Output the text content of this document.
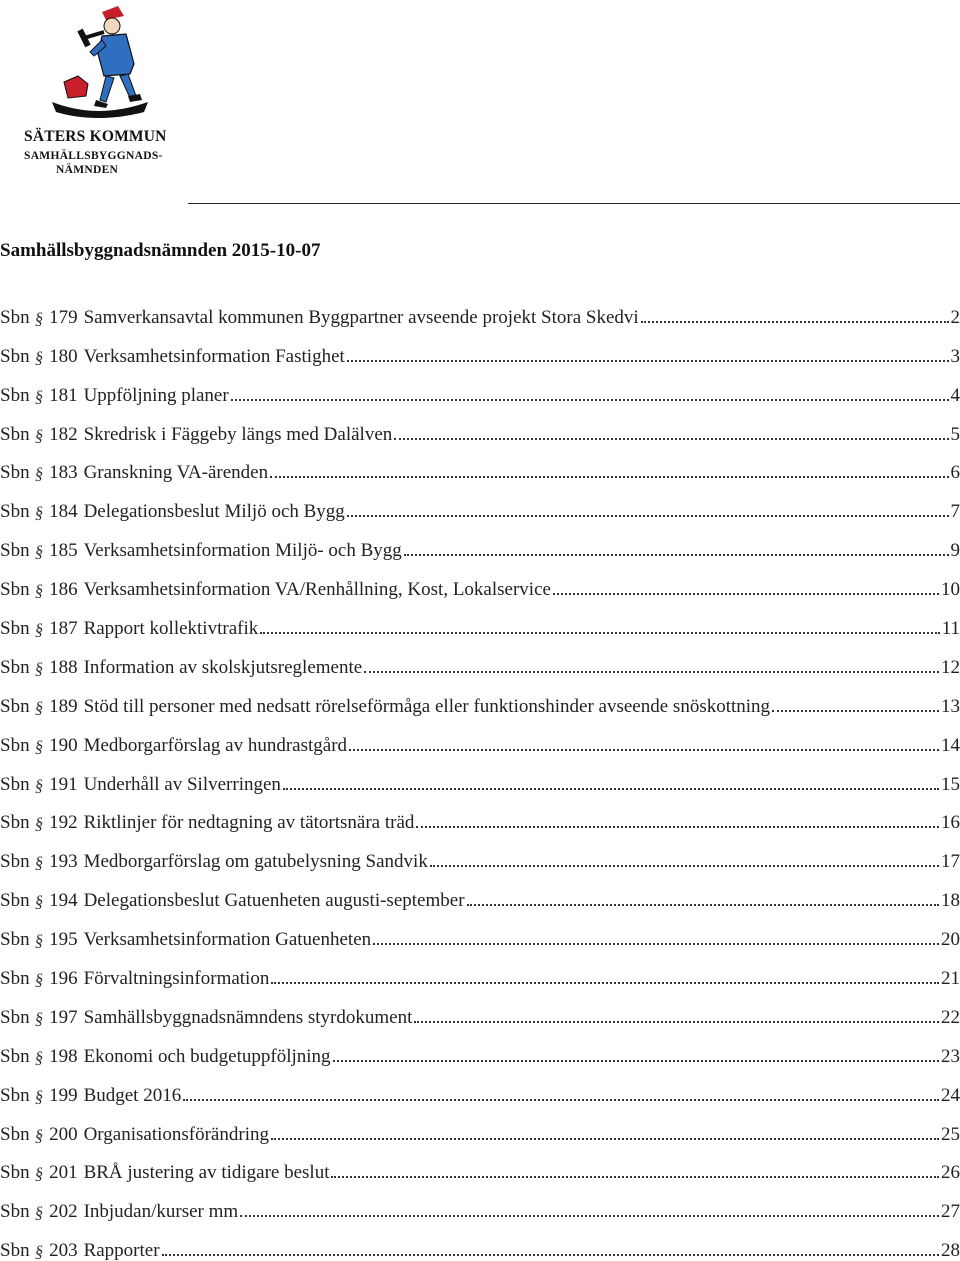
SÄTERS KOMMUN
SAMHÄLLSBYGGNADS-
NÄMNDEN
Samhällsbyggnadsnämnden 2015-10-07
Sbn § 179 Samverkansavtal kommunen Byggpartner avseende projekt Stora Skedvi	2
Sbn § 180 Verksamhetsinformation Fastighet	3
Sbn § 181 Uppföljning planer	4
Sbn § 182 Skredrisk i Fäggeby längs med Dalälven	5
Sbn § 183 Granskning VA-ärenden	6
Sbn § 184 Delegationsbeslut Miljö och Bygg	7
Sbn § 185 Verksamhetsinformation Miljö- och Bygg	9
Sbn § 186 Verksamhetsinformation VA/Renhållning, Kost, Lokalservice	10
Sbn § 187 Rapport kollektivtrafik	11
Sbn § 188 Information av skolskjutsreglemente	12
Sbn § 189 Stöd till personer med nedsatt rörelseförmåga eller funktionshinder avseende snöskottning	13
Sbn § 190 Medborgarförslag av hundrastgård	14
Sbn § 191 Underhåll av Silverringen	15
Sbn § 192 Riktlinjer för nedtagning av tätortsnära träd	16
Sbn § 193 Medborgarförslag om gatubelysning Sandvik	17
Sbn § 194 Delegationsbeslut Gatuenheten augusti-september	18
Sbn § 195 Verksamhetsinformation Gatuenheten	20
Sbn § 196 Förvaltningsinformation	21
Sbn § 197 Samhällsbyggnadsnämndens styrdokument	22
Sbn § 198 Ekonomi och budgetuppföljning	23
Sbn § 199 Budget 2016	24
Sbn § 200 Organisationsförändring	25
Sbn § 201 BRÅ justering av tidigare beslut	26
Sbn § 202 Inbjudan/kurser mm	27
Sbn § 203 Rapporter	28
